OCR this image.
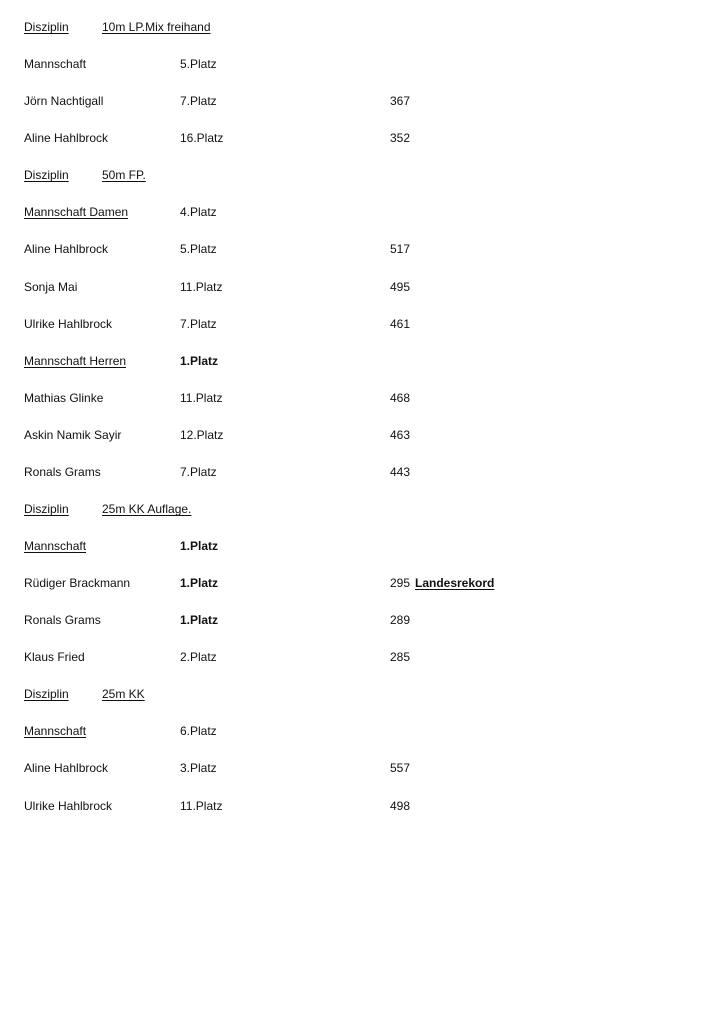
Disziplin	10m LP.Mix freihand
Mannschaft	5.Platz
Jörn Nachtigall	7.Platz	367
Aline Hahlbrock	16.Platz	352
Disziplin	50m FP.
Mannschaft Damen	4.Platz
Aline Hahlbrock	5.Platz	517
Sonja Mai	11.Platz	495
Ulrike Hahlbrock	7.Platz	461
Mannschaft Herren	1.Platz
Mathias Glinke	11.Platz	468
Askin Namik Sayir	12.Platz	463
Ronals Grams	7.Platz	443
Disziplin	25m KK Auflage.
Mannschaft	1.Platz
Rüdiger Brackmann	1.Platz	295 Landesrekord
Ronals Grams	1.Platz	289
Klaus Fried	2.Platz	285
Disziplin	25m KK
Mannschaft	6.Platz
Aline Hahlbrock	3.Platz	557
Ulrike Hahlbrock	11.Platz	498
